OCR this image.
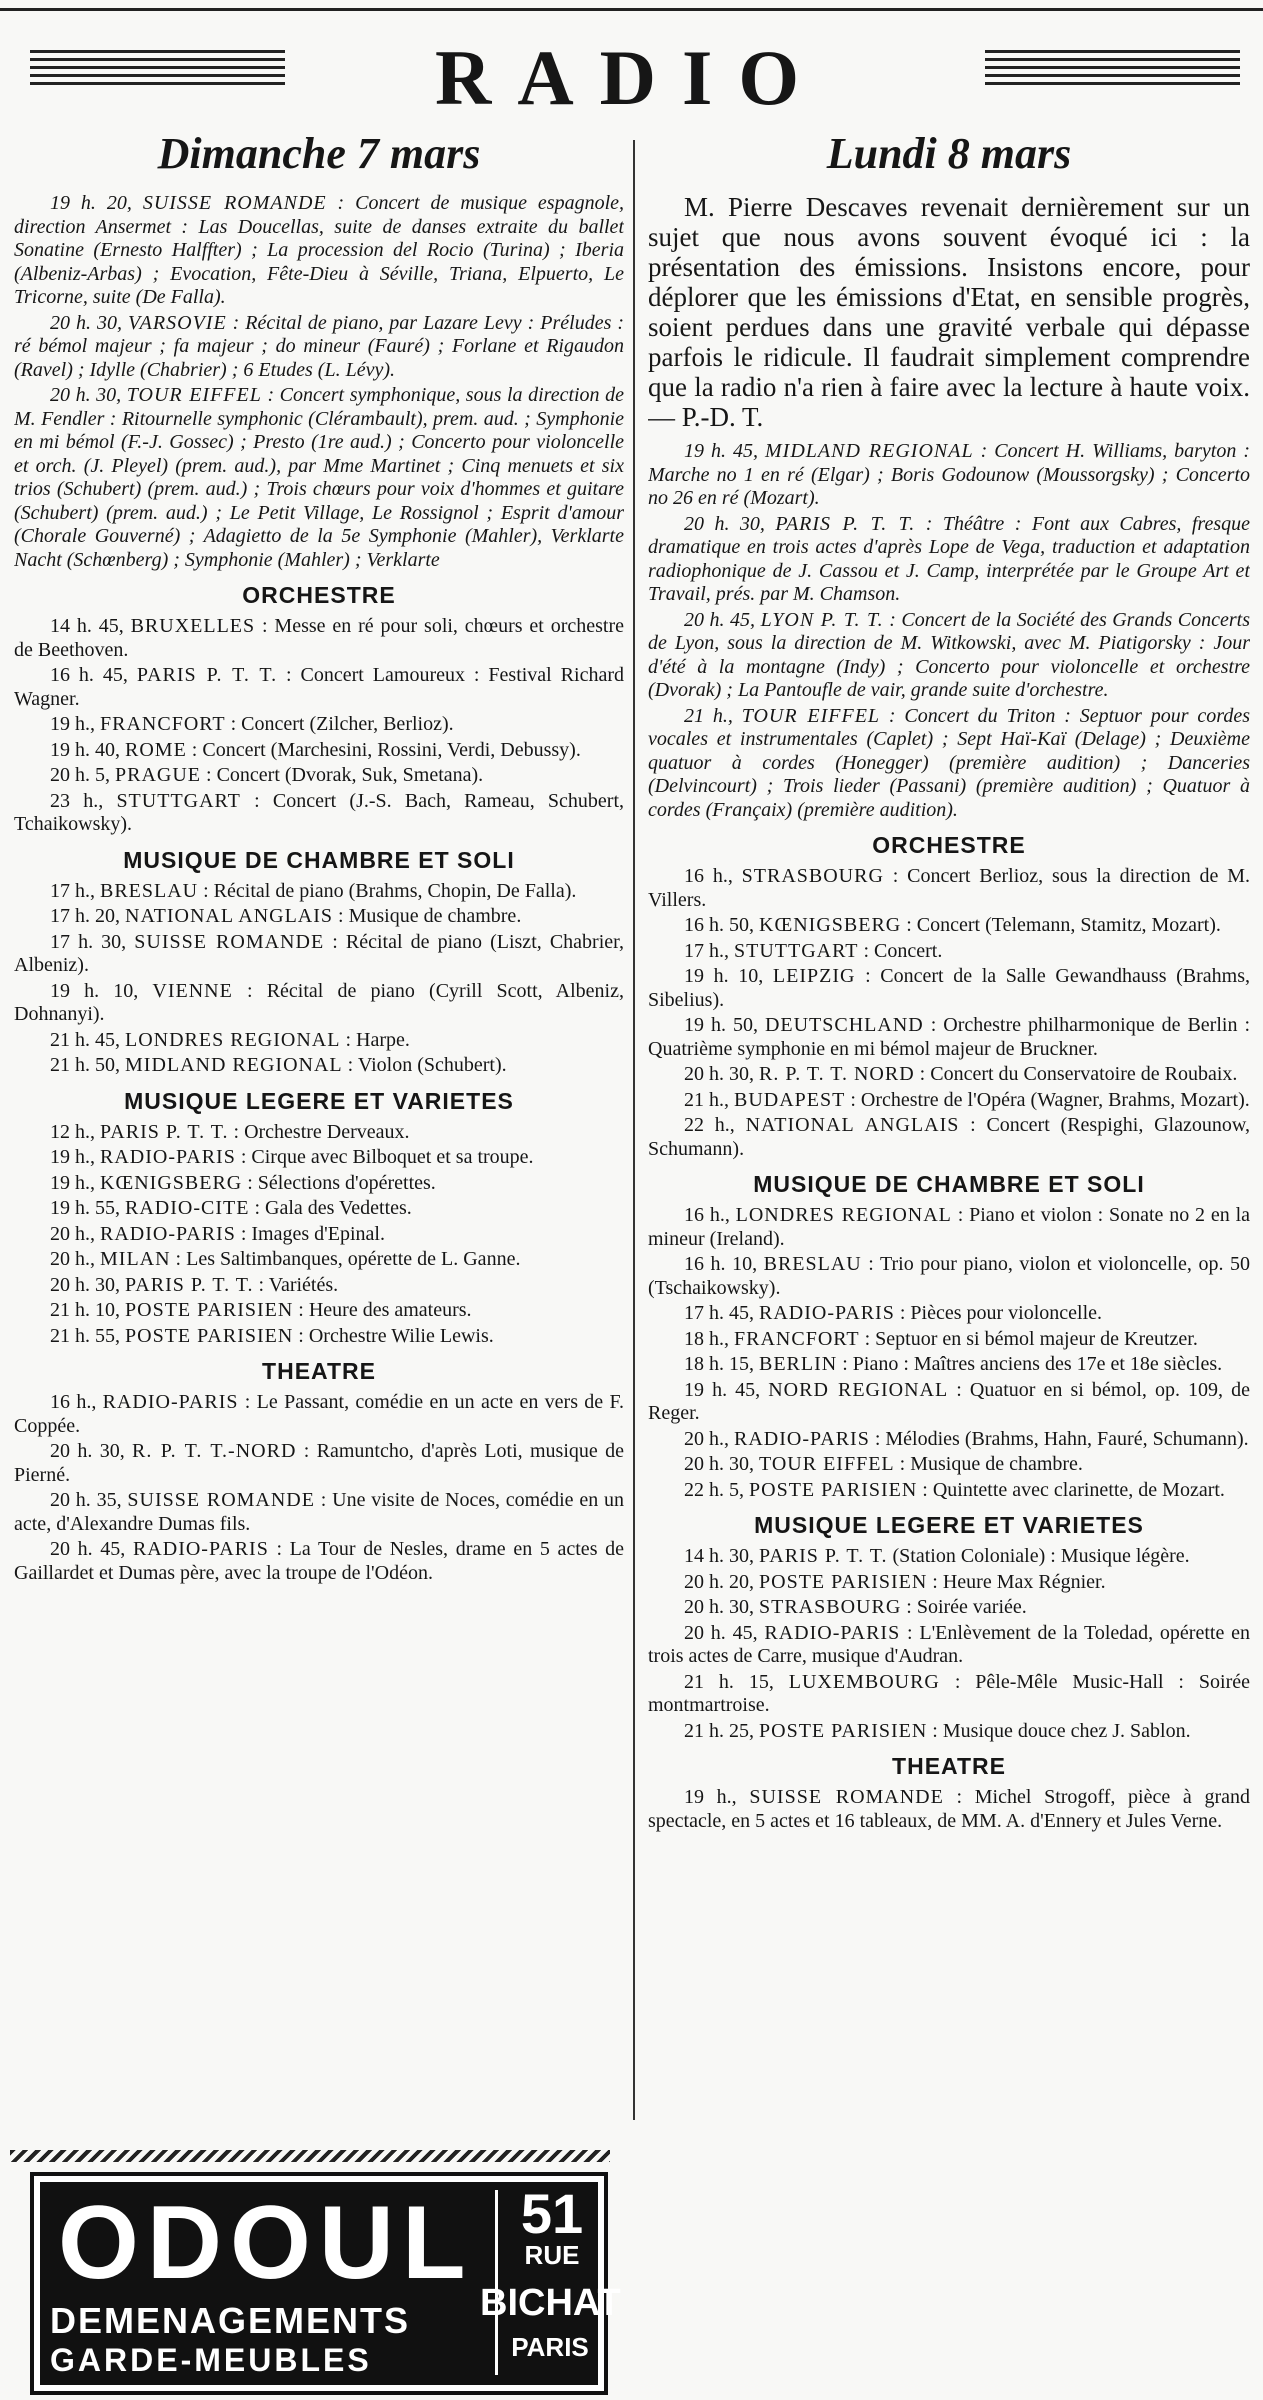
RADIO
Dimanche 7 mars

19 h. 20, SUISSE ROMANDE : Concert de musique espagnole, direction Ansermet : Las Doucellas, suite de danses extraite du ballet Sonatine (Ernesto Halffter) ; La procession del Rocio (Turina) ; Iberia (Albeniz-Arbas) ; Evocation, Fête-Dieu à Séville, Triana, Elpuerto, Le Tricorne, suite (De Falla).

20 h. 30, VARSOVIE : Récital de piano, par Lazare Levy : Préludes : ré bémol majeur ; fa majeur ; do mineur (Fauré) ; Forlane et Rigaudon (Ravel) ; Idylle (Chabrier) ; 6 Etudes (L. Lévy).

20 h. 30, TOUR EIFFEL : Concert symphonique, sous la direction de M. Fendler : Ritournelle symphonic (Clérambault), prem. aud. ; Symphonie en mi bémol (F.-J. Gossec) ; Presto (1re aud.) ; Concerto pour violoncelle et orch. (J. Pleyel) (prem. aud.), par Mme Martinet ; Cinq menuets et six trios (Schubert) (prem. aud.) ; Trois chœurs pour voix d'hommes et guitare (Schubert) (prem. aud.) ; Le Petit Village, Le Rossignol ; Esprit d'amour (Chorale Gouverné) ; Adagietto de la 5e Symphonie (Mahler), Verklarte Nacht (Schœnberg) ; Symphonie (Mahler) ; Verklarte

ORCHESTRE

14 h. 45, BRUXELLES : Messe en ré pour soli, chœurs et orchestre de Beethoven.

16 h. 45, PARIS P. T. T. : Concert Lamoureux : Festival Richard Wagner.

19 h., FRANCFORT : Concert (Zilcher, Berlioz).

19 h. 40, ROME : Concert (Marchesini, Rossini, Verdi, Debussy).

20 h. 5, PRAGUE : Concert (Dvorak, Suk, Smetana).

23 h., STUTTGART : Concert (J.-S. Bach, Rameau, Schubert, Tchaikowsky).

MUSIQUE DE CHAMBRE ET SOLI

17 h., BRESLAU : Récital de piano (Brahms, Chopin, De Falla).

17 h. 20, NATIONAL ANGLAIS : Musique de chambre.

17 h. 30, SUISSE ROMANDE : Récital de piano (Liszt, Chabrier, Albeniz).

19 h. 10, VIENNE : Récital de piano (Cyrill Scott, Albeniz, Dohnanyi).

21 h. 45, LONDRES REGIONAL : Harpe.

21 h. 50, MIDLAND REGIONAL : Violon (Schubert).

MUSIQUE LEGERE ET VARIETES

12 h., PARIS P. T. T. : Orchestre Derveaux.

19 h., RADIO-PARIS : Cirque avec Bilboquet et sa troupe.

19 h., KŒNIGSBERG : Sélections d'opérettes.

19 h. 55, RADIO-CITE : Gala des Vedettes.

20 h., RADIO-PARIS : Images d'Epinal.

20 h., MILAN : Les Saltimbanques, opérette de L. Ganne.

20 h. 30, PARIS P. T. T. : Variétés.

21 h. 10, POSTE PARISIEN : Heure des amateurs.

21 h. 55, POSTE PARISIEN : Orchestre Wilie Lewis.

THEATRE

16 h., RADIO-PARIS : Le Passant, comédie en un acte en vers de F. Coppée.

20 h. 30, R. P. T. T.-NORD : Ramuntcho, d'après Loti, musique de Pierné.

20 h. 35, SUISSE ROMANDE : Une visite de Noces, comédie en un acte, d'Alexandre Dumas fils.

20 h. 45, RADIO-PARIS : La Tour de Nesles, drame en 5 actes de Gaillardet et Dumas père, avec la troupe de l'Odéon.

Lundi 8 mars

M. Pierre Descaves revenait dernièrement sur un sujet que nous avons souvent évoqué ici : la présentation des émissions. Insistons encore, pour déplorer que les émissions d'Etat, en sensible progrès, soient perdues dans une gravité verbale qui dépasse parfois le ridicule. Il faudrait simplement comprendre que la radio n'a rien à faire avec la lecture à haute voix. — P.-D. T.

19 h. 45, MIDLAND REGIONAL : Concert H. Williams, baryton : Marche no 1 en ré (Elgar) ; Boris Godounow (Moussorgsky) ; Concerto no 26 en ré (Mozart).

20 h. 30, PARIS P. T. T. : Théâtre : Font aux Cabres, fresque dramatique en trois actes d'après Lope de Vega, traduction et adaptation radiophonique de J. Cassou et J. Camp, interprétée par le Groupe Art et Travail, prés. par M. Chamson.

20 h. 45, LYON P. T. T. : Concert de la Société des Grands Concerts de Lyon, sous la direction de M. Witkowski, avec M. Piatigorsky : Jour d'été à la montagne (Indy) ; Concerto pour violoncelle et orchestre (Dvorak) ; La Pantoufle de vair, grande suite d'orchestre.

21 h., TOUR EIFFEL : Concert du Triton : Septuor pour cordes vocales et instrumentales (Caplet) ; Sept Haï-Kaï (Delage) ; Deuxième quatuor à cordes (Honegger) (première audition) ; Danceries (Delvincourt) ; Trois lieder (Passani) (première audition) ; Quatuor à cordes (Françaix) (première audition).

ORCHESTRE

16 h., STRASBOURG : Concert Berlioz, sous la direction de M. Villers.

16 h. 50, KŒNIGSBERG : Concert (Telemann, Stamitz, Mozart).

17 h., STUTTGART : Concert.

19 h. 10, LEIPZIG : Concert de la Salle Gewandhauss (Brahms, Sibelius).

19 h. 50, DEUTSCHLAND : Orchestre philharmonique de Berlin : Quatrième symphonie en mi bémol majeur de Bruckner.

20 h. 30, R. P. T. T. NORD : Concert du Conservatoire de Roubaix.

21 h., BUDAPEST : Orchestre de l'Opéra (Wagner, Brahms, Mozart).

22 h., NATIONAL ANGLAIS : Concert (Respighi, Glazounow, Schumann).

MUSIQUE DE CHAMBRE ET SOLI

16 h., LONDRES REGIONAL : Piano et violon : Sonate no 2 en la mineur (Ireland).

16 h. 10, BRESLAU : Trio pour piano, violon et violoncelle, op. 50 (Tschaikowsky).

17 h. 45, RADIO-PARIS : Pièces pour violoncelle.

18 h., FRANCFORT : Septuor en si bémol majeur de Kreutzer.

18 h. 15, BERLIN : Piano : Maîtres anciens des 17e et 18e siècles.

19 h. 45, NORD REGIONAL : Quatuor en si bémol, op. 109, de Reger.

20 h., RADIO-PARIS : Mélodies (Brahms, Hahn, Fauré, Schumann).

20 h. 30, TOUR EIFFEL : Musique de chambre.

22 h. 5, POSTE PARISIEN : Quintette avec clarinette, de Mozart.

MUSIQUE LEGERE ET VARIETES

14 h. 30, PARIS P. T. T. (Station Coloniale) : Musique légère.

20 h. 20, POSTE PARISIEN : Heure Max Régnier.

20 h. 30, STRASBOURG : Soirée variée.

20 h. 45, RADIO-PARIS : L'Enlèvement de la Toledad, opérette en trois actes de Carre, musique d'Audran.

21 h. 15, LUXEMBOURG : Pêle-Mêle Music-Hall : Soirée montmartroise.

21 h. 25, POSTE PARISIEN : Musique douce chez J. Sablon.

THEATRE

19 h., SUISSE ROMANDE : Michel Strogoff, pièce à grand spectacle, en 5 actes et 16 tableaux, de MM. A. d'Ennery et Jules Verne.

ODOUL
DEMENAGEMENTS
GARDE-MEUBLES
51
RUE
BICHAT
PARIS
